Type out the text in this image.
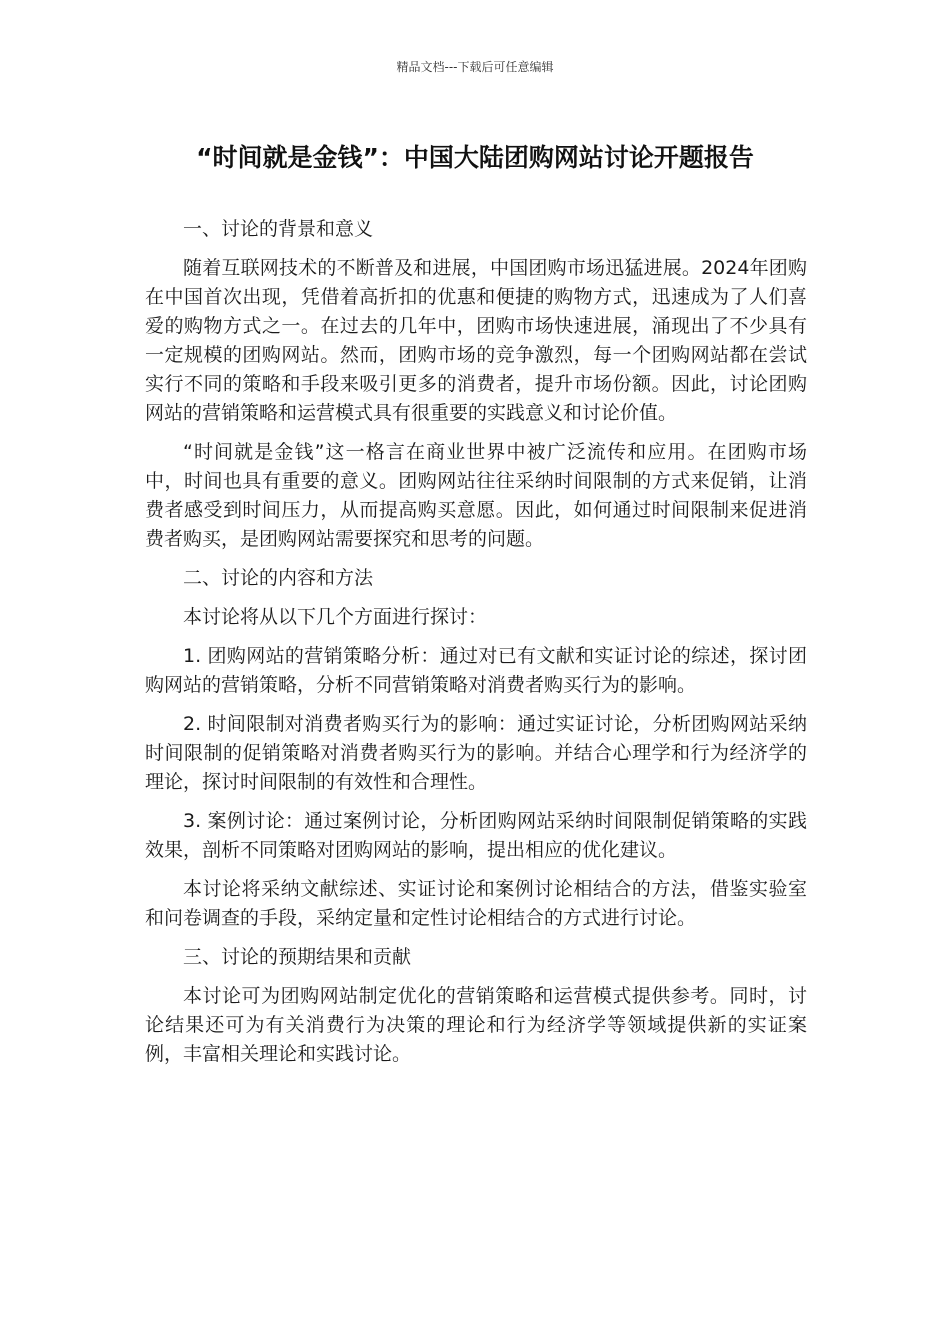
精品文档---下载后可任意编辑
“时间就是金钱”：中国大陆团购网站讨论开题报告

一、讨论的背景和意义

随着互联网技术的不断普及和进展，中国团购市场迅猛进展。2024年团购在中国首次出现，凭借着高折扣的优惠和便捷的购物方式，迅速成为了人们喜爱的购物方式之一。在过去的几年中，团购市场快速进展，涌现出了不少具有一定规模的团购网站。然而，团购市场的竞争激烈，每一个团购网站都在尝试实行不同的策略和手段来吸引更多的消费者，提升市场份额。因此，讨论团购网站的营销策略和运营模式具有很重要的实践意义和讨论价值。

“时间就是金钱”这一格言在商业世界中被广泛流传和应用。在团购市场中，时间也具有重要的意义。团购网站往往采纳时间限制的方式来促销，让消费者感受到时间压力，从而提高购买意愿。因此，如何通过时间限制来促进消费者购买，是团购网站需要探究和思考的问题。

二、讨论的内容和方法

本讨论将从以下几个方面进行探讨：

1. 团购网站的营销策略分析：通过对已有文献和实证讨论的综述，探讨团购网站的营销策略，分析不同营销策略对消费者购买行为的影响。

2. 时间限制对消费者购买行为的影响：通过实证讨论，分析团购网站采纳时间限制的促销策略对消费者购买行为的影响。并结合心理学和行为经济学的理论，探讨时间限制的有效性和合理性。

3. 案例讨论：通过案例讨论，分析团购网站采纳时间限制促销策略的实践效果，剖析不同策略对团购网站的影响，提出相应的优化建议。

本讨论将采纳文献综述、实证讨论和案例讨论相结合的方法，借鉴实验室和问卷调查的手段，采纳定量和定性讨论相结合的方式进行讨论。

三、讨论的预期结果和贡献

本讨论可为团购网站制定优化的营销策略和运营模式提供参考。同时，讨论结果还可为有关消费行为决策的理论和行为经济学等领域提供新的实证案例，丰富相关理论和实践讨论。
